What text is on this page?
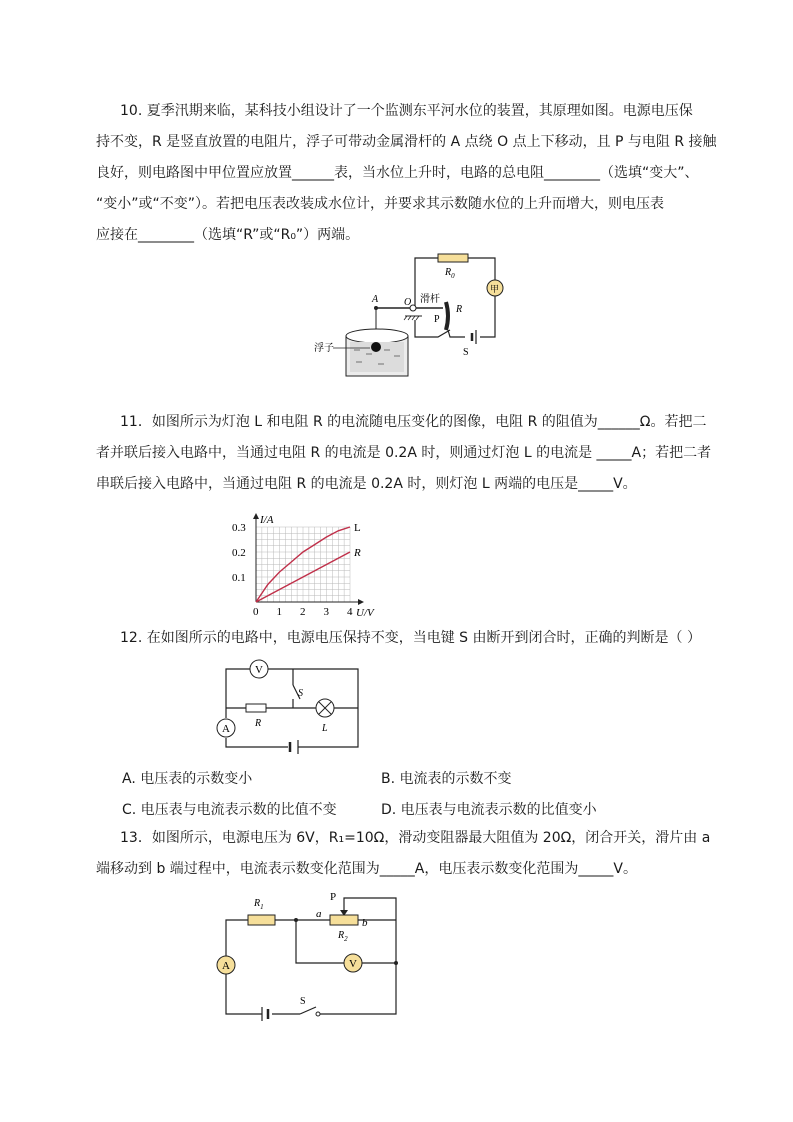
10. 夏季汛期来临，某科技小组设计了一个监测东平河水位的装置，其原理如图。电源电压保
持不变，R 是竖直放置的电阻片，浮子可带动金属滑杆的 A 点绕 O 点上下移动，且 P 与电阻 R 接触
良好，则电路图中甲位置应放置______表，当水位上升时，电路的总电阻________（选填“变大”、
“变小”或“不变”）。若把电压表改装成水位计，并要求其示数随水位的上升而增大，则电压表
应接在________（选填“R”或“R₀”）两端。
甲
$R_0$
A	O 滑杆
R
P
S
浮子
11．如图所示为灯泡 L 和电阻 R 的电流随电压变化的图像，电阻 R 的阻值为______Ω。若把二
者并联后接入电路中，当通过电阻 R 的电流是 0.2A 时，则通过灯泡 L 的电流是 _____A；若把二者
串联后接入电路中，当通过电阻 R 的电流是 0.2A 时，则灯泡 L 两端的电压是_____V。
0 1 2 3 4
0.1
0.2
0.3
U/V
I/A
L
R
12. 在如图所示的电路中，电源电压保持不变，当电键 S 由断开到闭合时，正确的判断是（ ）
V
A
S
R	L
A. 电压表的示数变小	B. 电流表的示数不变
C. 电压表与电流表示数的比值不变	D. 电压表与电流表示数的比值变小
13．如图所示，电源电压为 6V，R₁=10Ω，滑动变阻器最大阻值为 20Ω，闭合开关，滑片由 a
端移动到 b 端过程中，电流表示数变化范围为_____A，电压表示数变化范围为_____V。
A	V
$R_1$
$R_2$
P
a
b
S
